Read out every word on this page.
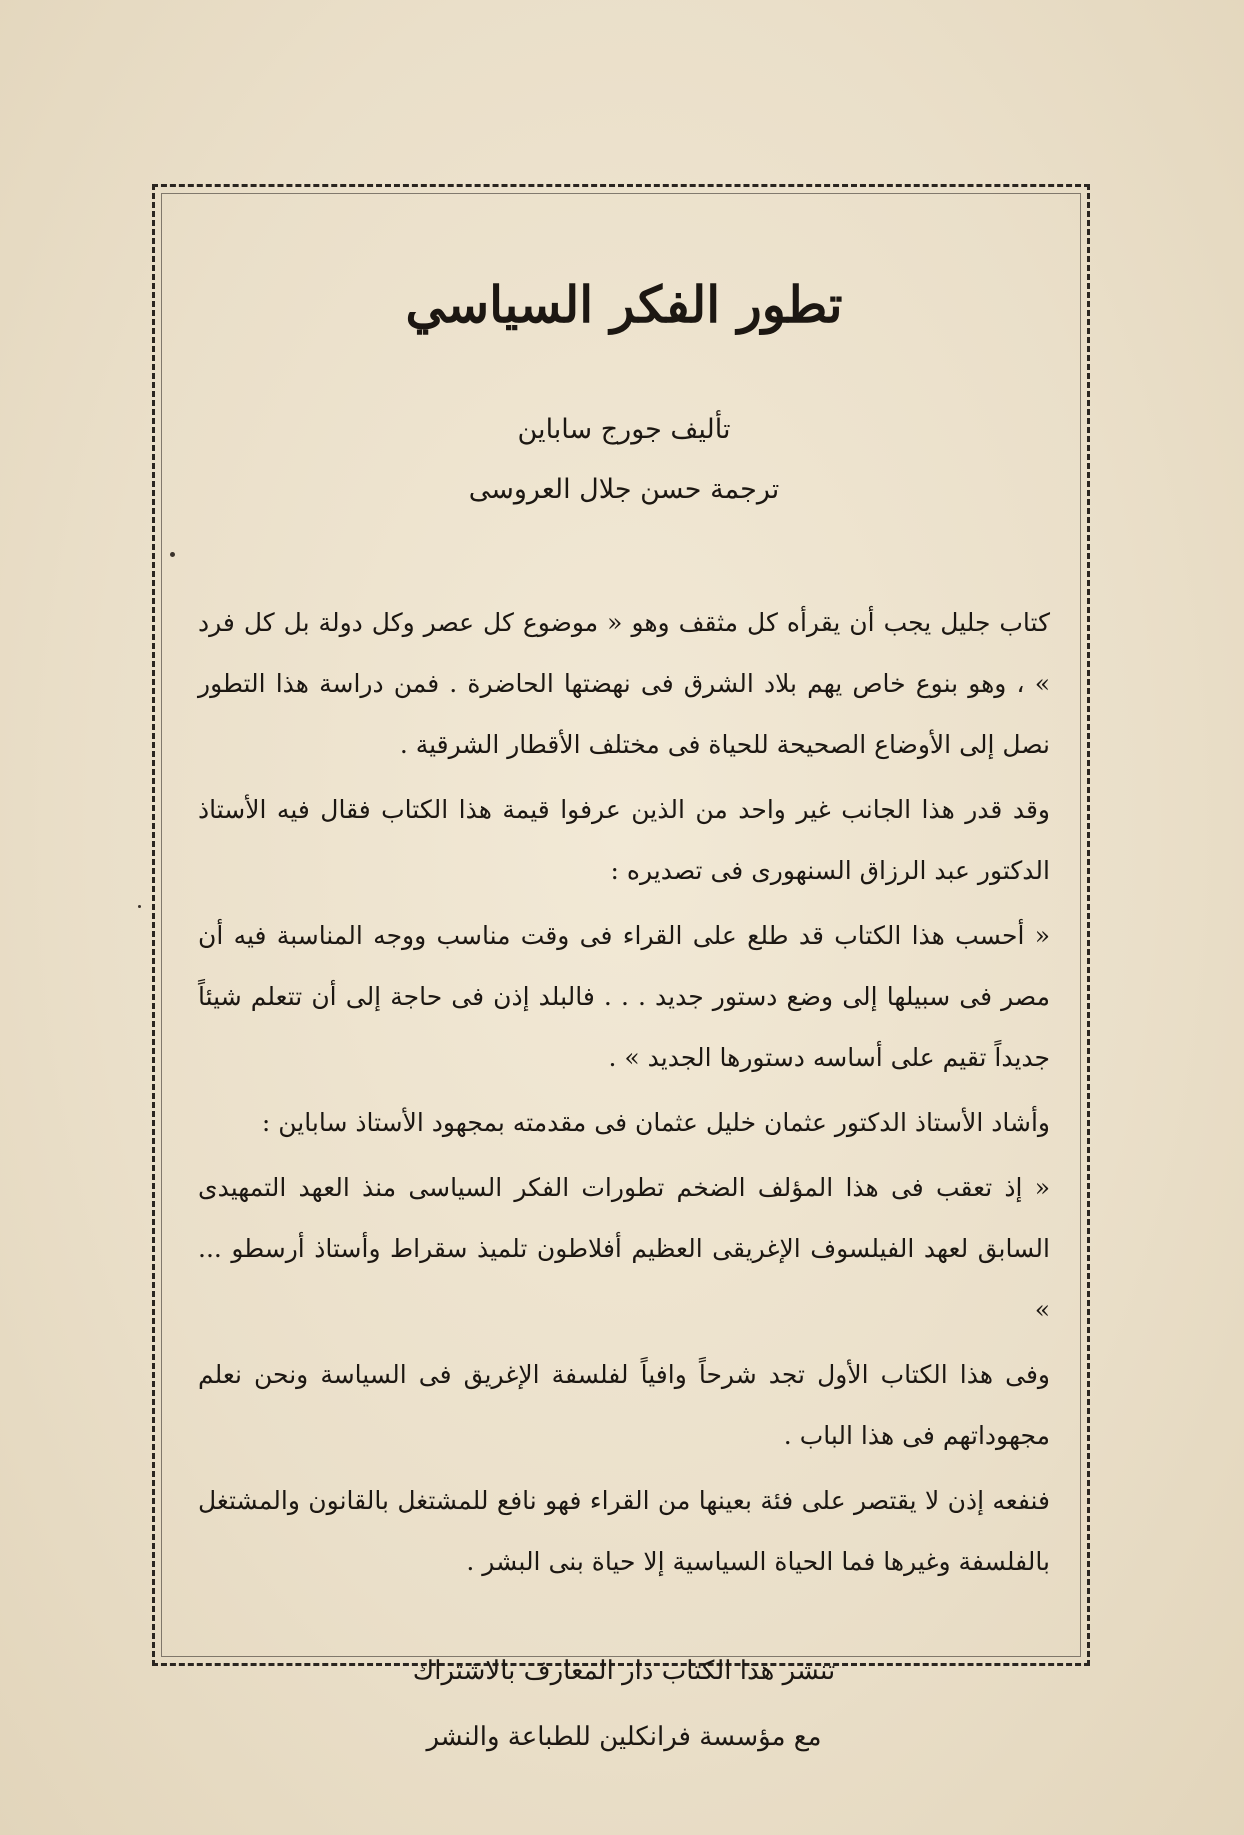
تطور الفكر السياسي
تأليف جورج ساباين
ترجمة حسن جلال العروسى

كتاب جليل يجب أن يقرأه كل مثقف وهو « موضوع كل عصر وكل دولة بل كل فرد » ، وهو بنوع خاص يهم بلاد الشرق فى نهضتها الحاضرة . فمن دراسة هذا التطور نصل إلى الأوضاع الصحيحة للحياة فى مختلف الأقطار الشرقية .

وقد قدر هذا الجانب غير واحد من الذين عرفوا قيمة هذا الكتاب فقال فيه الأستاذ الدكتور عبد الرزاق السنهورى فى تصديره :

« أحسب هذا الكتاب قد طلع على القراء فى وقت مناسب ووجه المناسبة فيه أن مصر فى سبيلها إلى وضع دستور جديد . . . فالبلد إذن فى حاجة إلى أن تتعلم شيئاً جديداً تقيم على أساسه دستورها الجديد » .

وأشاد الأستاذ الدكتور عثمان خليل عثمان فى مقدمته بمجهود الأستاذ ساباين :

« إذ تعقب فى هذا المؤلف الضخم تطورات الفكر السياسى منذ العهد التمهيدى السابق لعهد الفيلسوف الإغريقى العظيم أفلاطون تلميذ سقراط وأستاذ أرسطو ... »

وفى هذا الكتاب الأول تجد شرحاً وافياً لفلسفة الإغريق فى السياسة ونحن نعلم مجهوداتهم فى هذا الباب .

فنفعه إذن لا يقتصر على فئة بعينها من القراء فهو نافع للمشتغل بالقانون والمشتغل بالفلسفة وغيرها فما الحياة السياسية إلا حياة بنى البشر .

تنشر هذا الكتاب دار المعارف بالاشتراك
مع مؤسسة فرانكلين للطباعة والنشر
